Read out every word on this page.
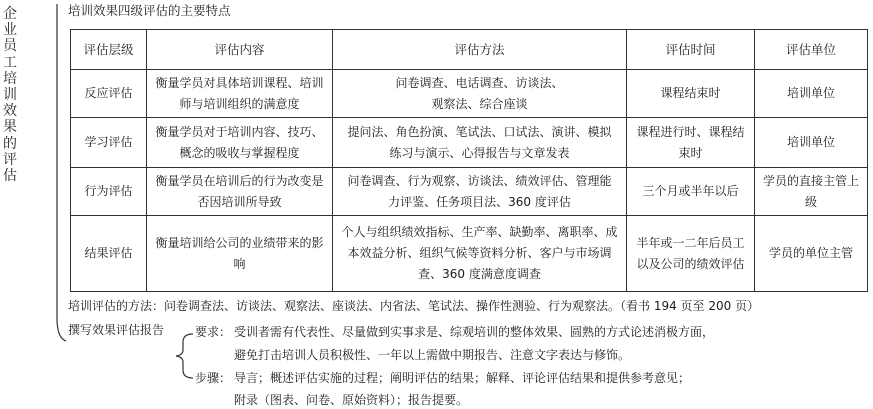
企业员工培训效果的评估
培训效果四级评估的主要特点
评估层级	评估内容	评估方法	评估时间	评估单位
反应评估	衡量学员对具体培训课程、培训师与培训组织的满意度	问卷调查、电话调查、访谈法、观察法、综合座谈	课程结束时	培训单位
学习评估	衡量学员对于培训内容、技巧、概念的吸收与掌握程度	提问法、角色扮演、笔试法、口试法、演讲、模拟练习与演示、心得报告与文章发表	课程进行时、课程结束时	培训单位
行为评估	衡量学员在培训后的行为改变是否因培训所导致	问卷调查、行为观察、访谈法、绩效评估、管理能力评鉴、任务项目法、360 度评估	三个月或半年以后	学员的直接主管上级
结果评估	衡量培训给公司的业绩带来的影响	个人与组织绩效指标、生产率、缺勤率、离职率、成本效益分析、组织气候等资料分析、客户与市场调查、360 度满意度调查	半年或一二年后员工以及公司的绩效评估	学员的单位主管
培训评估的方法：问卷调查法、访谈法、观察法、座谈法、内省法、笔试法、操作性测验、行为观察法。（看书 194 页至 200 页）
撰写效果评估报告	要求： 受训者需有代表性、尽量做到实事求是、综观培训的整体效果、圆熟的方式论述消极方面，
避免打击培训人员积极性、一年以上需做中期报告、注意文字表达与修饰。
步骤： 导言；概述评估实施的过程；阐明评估的结果；解释、评论评估结果和提供参考意见；
附录（图表、问卷、原始资料）；报告提要。
